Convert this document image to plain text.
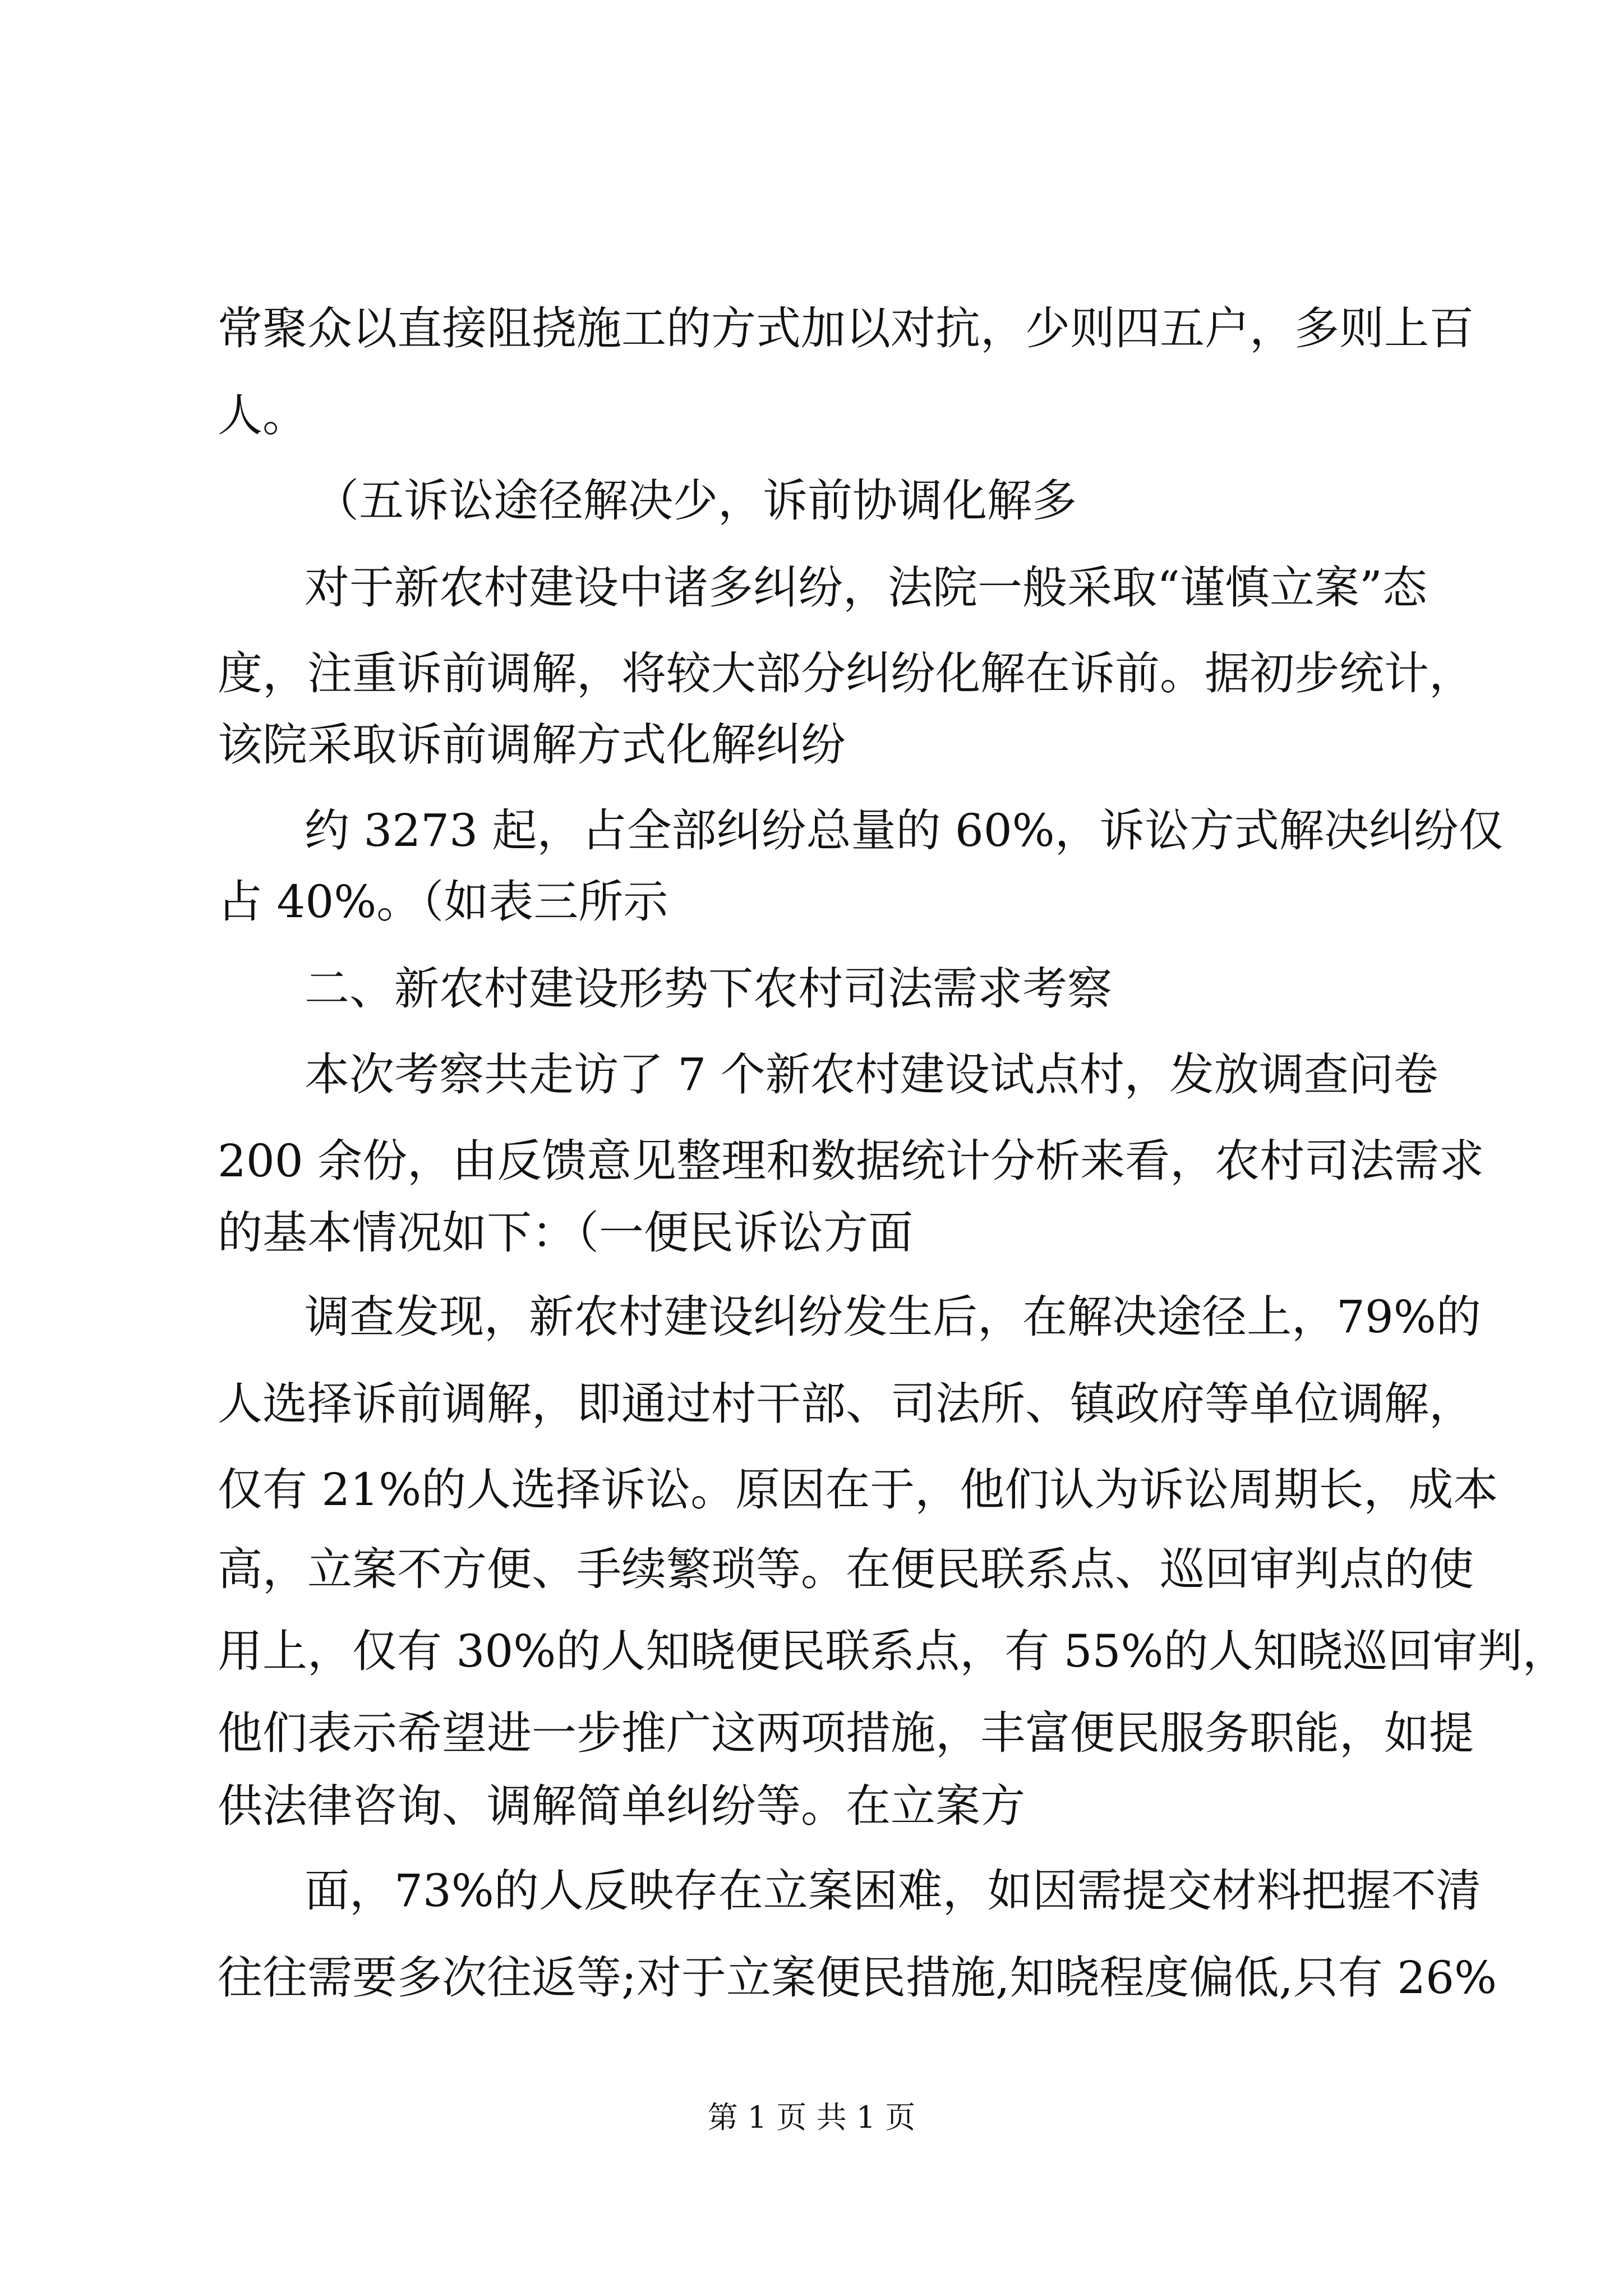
常聚众以直接阻挠施工的方式加以对抗，少则四五户，多则上百
人。
（五诉讼途径解决少，诉前协调化解多
对于新农村建设中诸多纠纷，法院一般采取“谨慎立案”态
度，注重诉前调解，将较大部分纠纷化解在诉前。据初步统计，
该院采取诉前调解方式化解纠纷
约 3273 起，占全部纠纷总量的 60%，诉讼方式解决纠纷仅
占 40%。（如表三所示
二、新农村建设形势下农村司法需求考察
本次考察共走访了 7 个新农村建设试点村，发放调查问卷
200 余份，由反馈意见整理和数据统计分析来看，农村司法需求
的基本情况如下：（一便民诉讼方面
调查发现，新农村建设纠纷发生后，在解决途径上，79%的
人选择诉前调解，即通过村干部、司法所、镇政府等单位调解，
仅有 21%的人选择诉讼。原因在于，他们认为诉讼周期长，成本
高，立案不方便、手续繁琐等。在便民联系点、巡回审判点的使
用上，仅有 30%的人知晓便民联系点，有 55%的人知晓巡回审判，
他们表示希望进一步推广这两项措施，丰富便民服务职能，如提
供法律咨询、调解简单纠纷等。在立案方
面，73%的人反映存在立案困难，如因需提交材料把握不清
往往需要多次往返等;对于立案便民措施,知晓程度偏低,只有 26%
第 1 页 共 1 页
